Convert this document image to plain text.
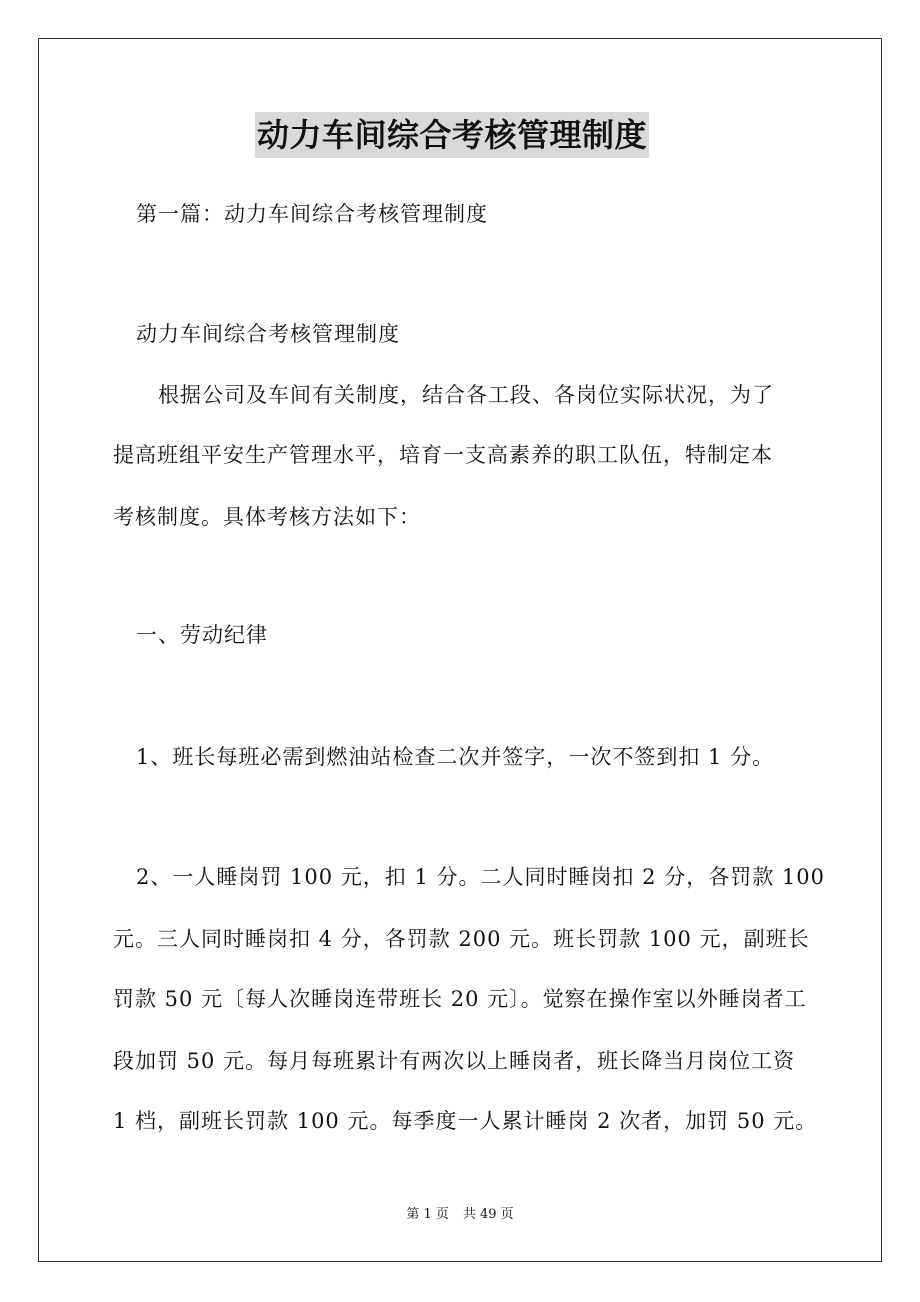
动力车间综合考核管理制度
第一篇：动力车间综合考核管理制度
动力车间综合考核管理制度
根据公司及车间有关制度，结合各工段、各岗位实际状况，为了
提高班组平安生产管理水平，培育一支高素养的职工队伍，特制定本
考核制度。具体考核方法如下：
一、劳动纪律
1、班长每班必需到燃油站检查二次并签字，一次不签到扣 1 分。
2、一人睡岗罚 100 元，扣 1 分。二人同时睡岗扣 2 分，各罚款 100
元。三人同时睡岗扣 4 分，各罚款 200 元。班长罚款 100 元，副班长
罚款 50 元〔每人次睡岗连带班长 20 元〕。觉察在操作室以外睡岗者工
段加罚 50 元。每月每班累计有两次以上睡岗者，班长降当月岗位工资
1 档，副班长罚款 100 元。每季度一人累计睡岗 2 次者，加罚 50 元。
第 1 页 共 49 页
